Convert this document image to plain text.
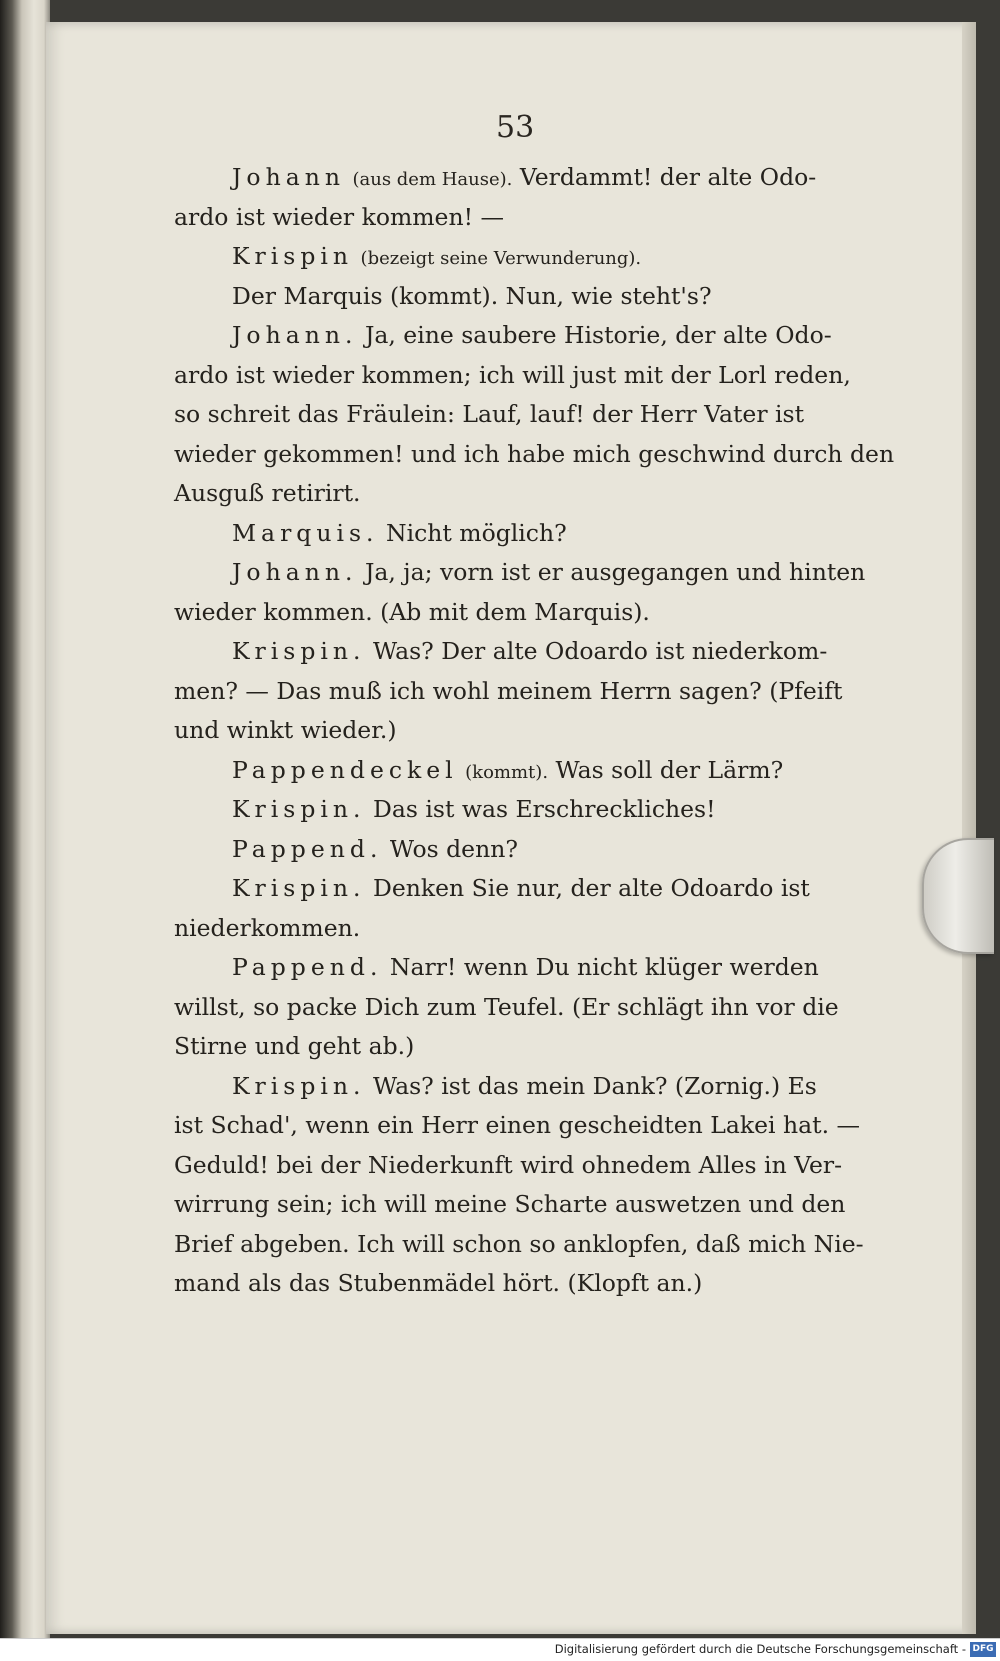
53
Johann (aus dem Hause). Verdammt! der alte Odo-
ardo ist wieder kommen! —
Krispin (bezeigt seine Verwunderung).
Der Marquis (kommt). Nun, wie steht's?
Johann. Ja, eine saubere Historie, der alte Odo-
ardo ist wieder kommen; ich will just mit der Lorl reden,
so schreit das Fräulein: Lauf, lauf! der Herr Vater ist
wieder gekommen! und ich habe mich geschwind durch den
Ausguß retirirt.
Marquis. Nicht möglich?
Johann. Ja, ja; vorn ist er ausgegangen und hinten
wieder kommen. (Ab mit dem Marquis).
Krispin. Was? Der alte Odoardo ist niederkom-
men? — Das muß ich wohl meinem Herrn sagen? (Pfeift
und winkt wieder.)
Pappendeckel (kommt). Was soll der Lärm?
Krispin. Das ist was Erschreckliches!
Pappend. Wos denn?
Krispin. Denken Sie nur, der alte Odoardo ist
niederkommen.
Pappend. Narr! wenn Du nicht klüger werden
willst, so packe Dich zum Teufel. (Er schlägt ihn vor die
Stirne und geht ab.)
Krispin. Was? ist das mein Dank? (Zornig.) Es
ist Schad', wenn ein Herr einen gescheidten Lakei hat. —
Geduld! bei der Niederkunft wird ohnedem Alles in Ver-
wirrung sein; ich will meine Scharte auswetzen und den
Brief abgeben. Ich will schon so anklopfen, daß mich Nie-
mand als das Stubenmädel hört. (Klopft an.)
Digitalisierung gefördert durch die Deutsche Forschungsgemeinschaft - DFG
